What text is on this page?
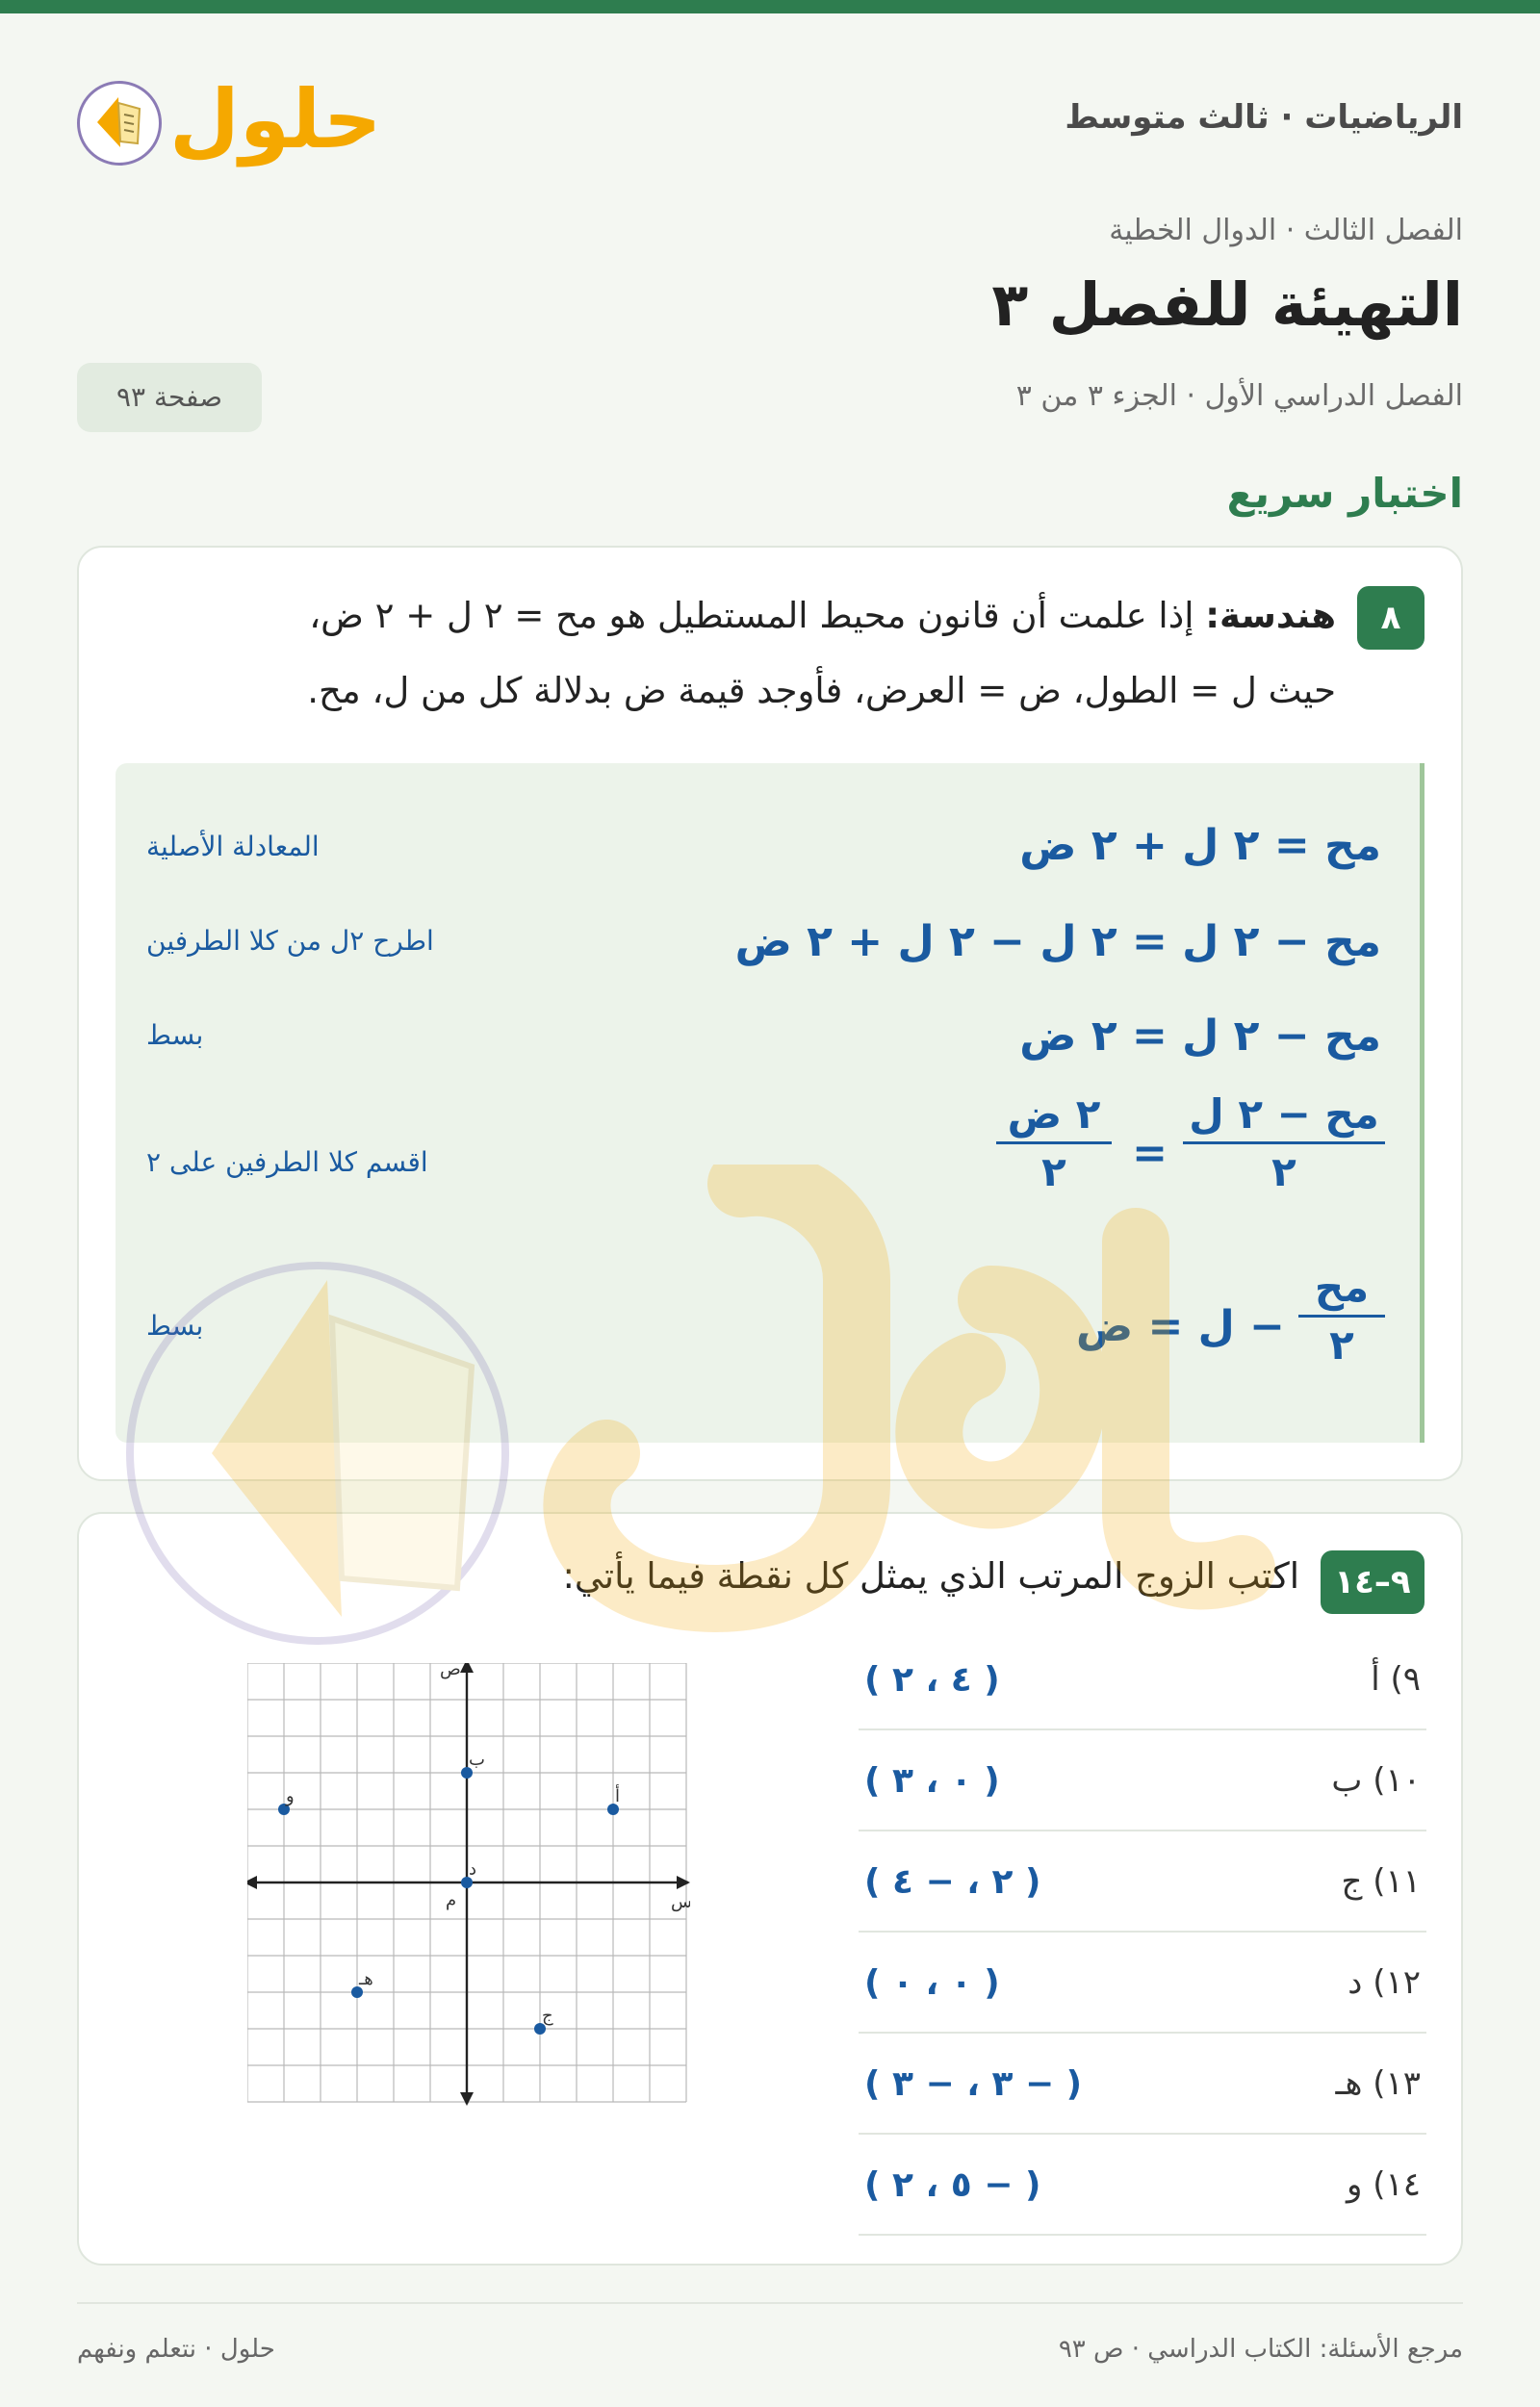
حلول	الرياضيات · ثالث متوسط
الفصل الثالث · الدوال الخطية
التهيئة للفصل ٣
الفصل الدراسي الأول · الجزء ٣ من ٣
صفحة ٩٣
اختبار سريع
٨
هندسة: إذا علمت أن قانون محيط المستطيل هو مح = ٢ ل + ٢ ض،
حيث ل = الطول، ض = العرض، فأوجد قيمة ض بدلالة كل من ل، مح.
مح = ٢ ل + ٢ ض
المعادلة الأصلية
مح − ٢ ل = ٢ ل − ٢ ل + ٢ ض
اطرح ٢ل من كلا الطرفين
مح − ٢ ل = ٢ ض
بسط
مح − ٢ ل
٢
=
٢ ض
٢
اقسم كلا الطرفين على ٢
مح
٢
− ل = ض
بسط
٩–١٤
اكتب الزوج المرتب الذي يمثل كل نقطة فيما يأتي:
س
ص
م
أ
ب
ج
د
هـ
و
٩) أ
( ٤ ، ٢ )
١٠) ب
( ٠ ، ٣ )
١١) ج
( ٢ ، − ٤ )
١٢) د
( ٠ ، ٠ )
١٣) هـ
( − ٣ ، − ٣ )
١٤) و
( − ٥ ، ٢ )
مرجع الأسئلة: الكتاب الدراسي · ص ٩٣
حلول · نتعلم ونفهم
